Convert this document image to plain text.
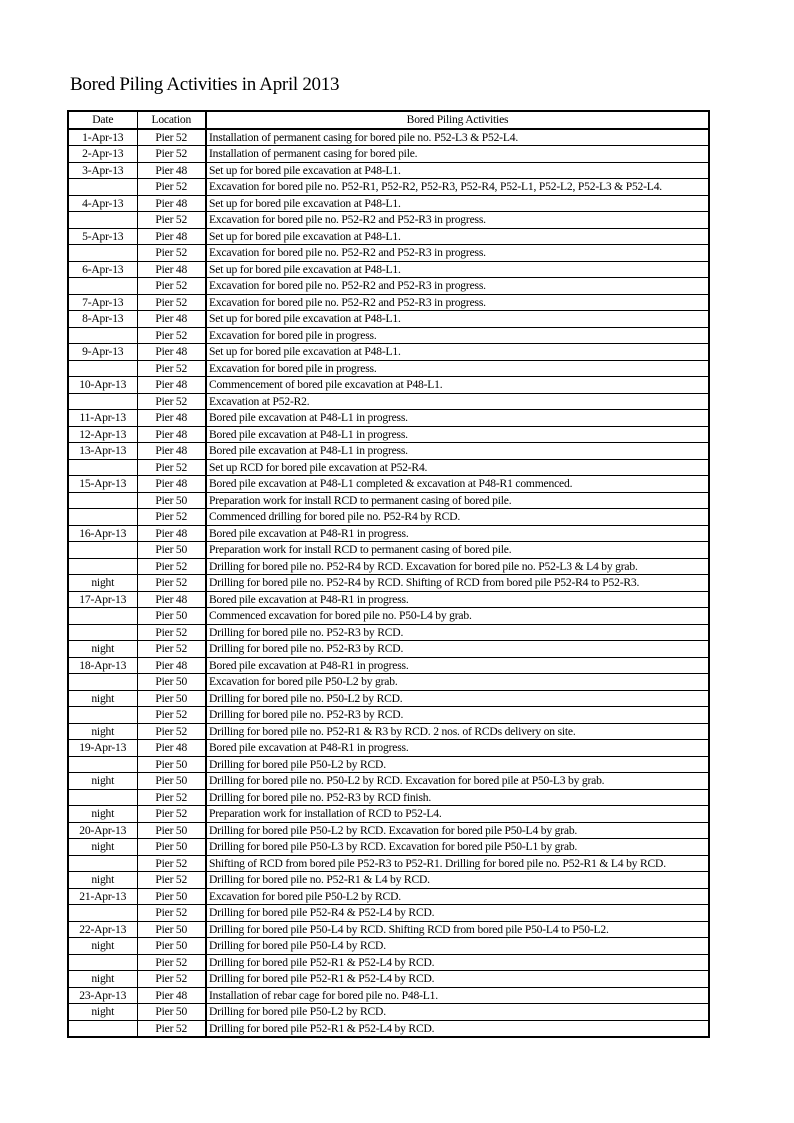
Bored Piling Activities in April 2013
Date	Location	Bored Piling Activities
1-Apr-13	Pier 52	Installation of permanent casing for bored pile no. P52-L3 & P52-L4.
2-Apr-13	Pier 52	Installation of permanent casing for bored pile.
3-Apr-13	Pier 48	Set up for bored pile excavation at P48-L1.
	Pier 52	Excavation for bored pile no. P52-R1, P52-R2, P52-R3, P52-R4, P52-L1, P52-L2, P52-L3 & P52-L4.
4-Apr-13	Pier 48	Set up for bored pile excavation at P48-L1.
	Pier 52	Excavation for bored pile no. P52-R2 and P52-R3 in progress.
5-Apr-13	Pier 48	Set up for bored pile excavation at P48-L1.
	Pier 52	Excavation for bored pile no. P52-R2 and P52-R3 in progress.
6-Apr-13	Pier 48	Set up for bored pile excavation at P48-L1.
	Pier 52	Excavation for bored pile no. P52-R2 and P52-R3 in progress.
7-Apr-13	Pier 52	Excavation for bored pile no. P52-R2 and P52-R3 in progress.
8-Apr-13	Pier 48	Set up for bored pile excavation at P48-L1.
	Pier 52	Excavation for bored pile in progress.
9-Apr-13	Pier 48	Set up for bored pile excavation at P48-L1.
	Pier 52	Excavation for bored pile in progress.
10-Apr-13	Pier 48	Commencement of bored pile excavation at P48-L1.
	Pier 52	Excavation at P52-R2.
11-Apr-13	Pier 48	Bored pile excavation at P48-L1 in progress.
12-Apr-13	Pier 48	Bored pile excavation at P48-L1 in progress.
13-Apr-13	Pier 48	Bored pile excavation at P48-L1 in progress.
	Pier 52	Set up RCD for bored pile excavation at P52-R4.
15-Apr-13	Pier 48	Bored pile excavation at P48-L1 completed & excavation at P48-R1 commenced.
	Pier 50	Preparation work for install RCD to permanent casing of bored pile.
	Pier 52	Commenced drilling for bored pile no. P52-R4 by RCD.
16-Apr-13	Pier 48	Bored pile excavation at P48-R1 in progress.
	Pier 50	Preparation work for install RCD to permanent casing of bored pile.
	Pier 52	Drilling for bored pile no. P52-R4 by RCD. Excavation for bored pile no. P52-L3 & L4 by grab.
night	Pier 52	Drilling for bored pile no. P52-R4 by RCD. Shifting of RCD from bored pile P52-R4 to P52-R3.
17-Apr-13	Pier 48	Bored pile excavation at P48-R1 in progress.
	Pier 50	Commenced excavation for bored pile no. P50-L4 by grab.
	Pier 52	Drilling for bored pile no. P52-R3 by RCD.
night	Pier 52	Drilling for bored pile no. P52-R3 by RCD.
18-Apr-13	Pier 48	Bored pile excavation at P48-R1 in progress.
	Pier 50	Excavation for bored pile P50-L2 by grab.
night	Pier 50	Drilling for bored pile no. P50-L2 by RCD.
	Pier 52	Drilling for bored pile no. P52-R3 by RCD.
night	Pier 52	Drilling for bored pile no. P52-R1 & R3 by RCD. 2 nos. of RCDs delivery on site.
19-Apr-13	Pier 48	Bored pile excavation at P48-R1 in progress.
	Pier 50	Drilling for bored pile P50-L2 by RCD.
night	Pier 50	Drilling for bored pile no. P50-L2 by RCD. Excavation for bored pile at P50-L3 by grab.
	Pier 52	Drilling for bored pile no. P52-R3 by RCD finish.
night	Pier 52	Preparation work for installation of RCD to P52-L4.
20-Apr-13	Pier 50	Drilling for bored pile P50-L2 by RCD. Excavation for bored pile P50-L4 by grab.
night	Pier 50	Drilling for bored pile P50-L3 by RCD. Excavation for bored pile P50-L1 by grab.
	Pier 52	Shifting of RCD from bored pile P52-R3 to P52-R1. Drilling for bored pile no. P52-R1 & L4 by RCD.
night	Pier 52	Drilling for bored pile no. P52-R1 & L4 by RCD.
21-Apr-13	Pier 50	Excavation for bored pile P50-L2 by RCD.
	Pier 52	Drilling for bored pile P52-R4 & P52-L4 by RCD.
22-Apr-13	Pier 50	Drilling for bored pile P50-L4 by RCD. Shifting RCD from bored pile P50-L4 to P50-L2.
night	Pier 50	Drilling for bored pile P50-L4 by RCD.
	Pier 52	Drilling for bored pile P52-R1 & P52-L4 by RCD.
night	Pier 52	Drilling for bored pile P52-R1 & P52-L4 by RCD.
23-Apr-13	Pier 48	Installation of rebar cage for bored pile no. P48-L1.
night	Pier 50	Drilling for bored pile P50-L2 by RCD.
	Pier 52	Drilling for bored pile P52-R1 & P52-L4 by RCD.
